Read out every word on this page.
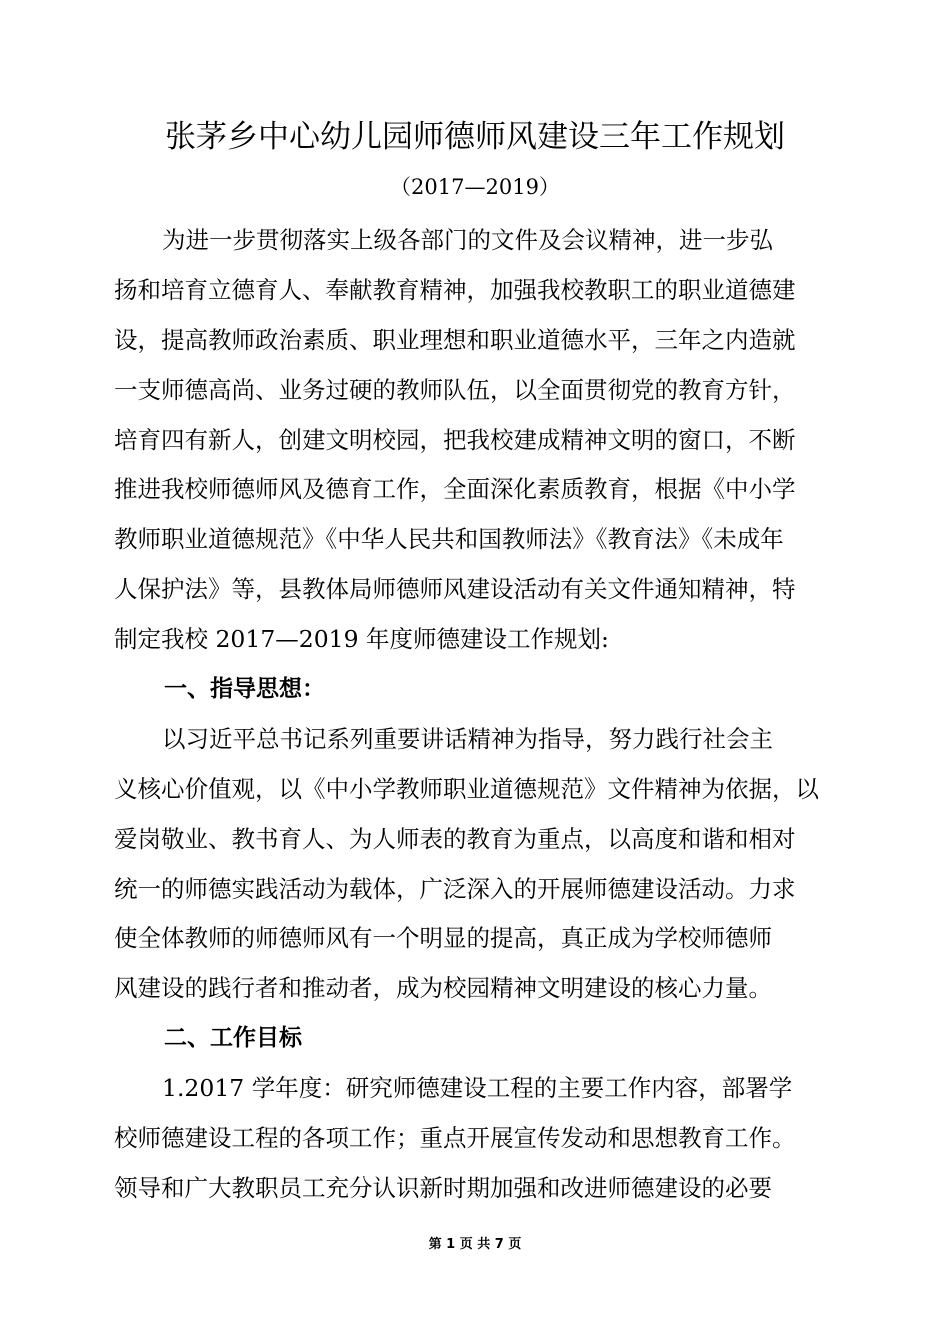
张茅乡中心幼儿园师德师风建设三年工作规划
（2017—2019）
为进一步贯彻落实上级各部门的文件及会议精神，进一步弘
扬和培育立德育人、奉献教育精神，加强我校教职工的职业道德建
设，提高教师政治素质、职业理想和职业道德水平，三年之内造就
一支师德高尚、业务过硬的教师队伍，以全面贯彻党的教育方针，
培育四有新人，创建文明校园，把我校建成精神文明的窗口，不断
推进我校师德师风及德育工作，全面深化素质教育，根据《中小学
教师职业道德规范》《中华人民共和国教师法》《教育法》《未成年
人保护法》等，县教体局师德师风建设活动有关文件通知精神，特
制定我校 2017—2019 年度师德建设工作规划:
一、指导思想：
以习近平总书记系列重要讲话精神为指导，努力践行社会主
义核心价值观，以《中小学教师职业道德规范》文件精神为依据，以
爱岗敬业、教书育人、为人师表的教育为重点，以高度和谐和相对
统一的师德实践活动为载体，广泛深入的开展师德建设活动。力求
使全体教师的师德师风有一个明显的提高，真正成为学校师德师
风建设的践行者和推动者，成为校园精神文明建设的核心力量。
二、工作目标
1.2017 学年度：研究师德建设工程的主要工作内容，部署学
校师德建设工程的各项工作；重点开展宣传发动和思想教育工作。
领导和广大教职员工充分认识新时期加强和改进师德建设的必要
第 1 页 共 7 页
